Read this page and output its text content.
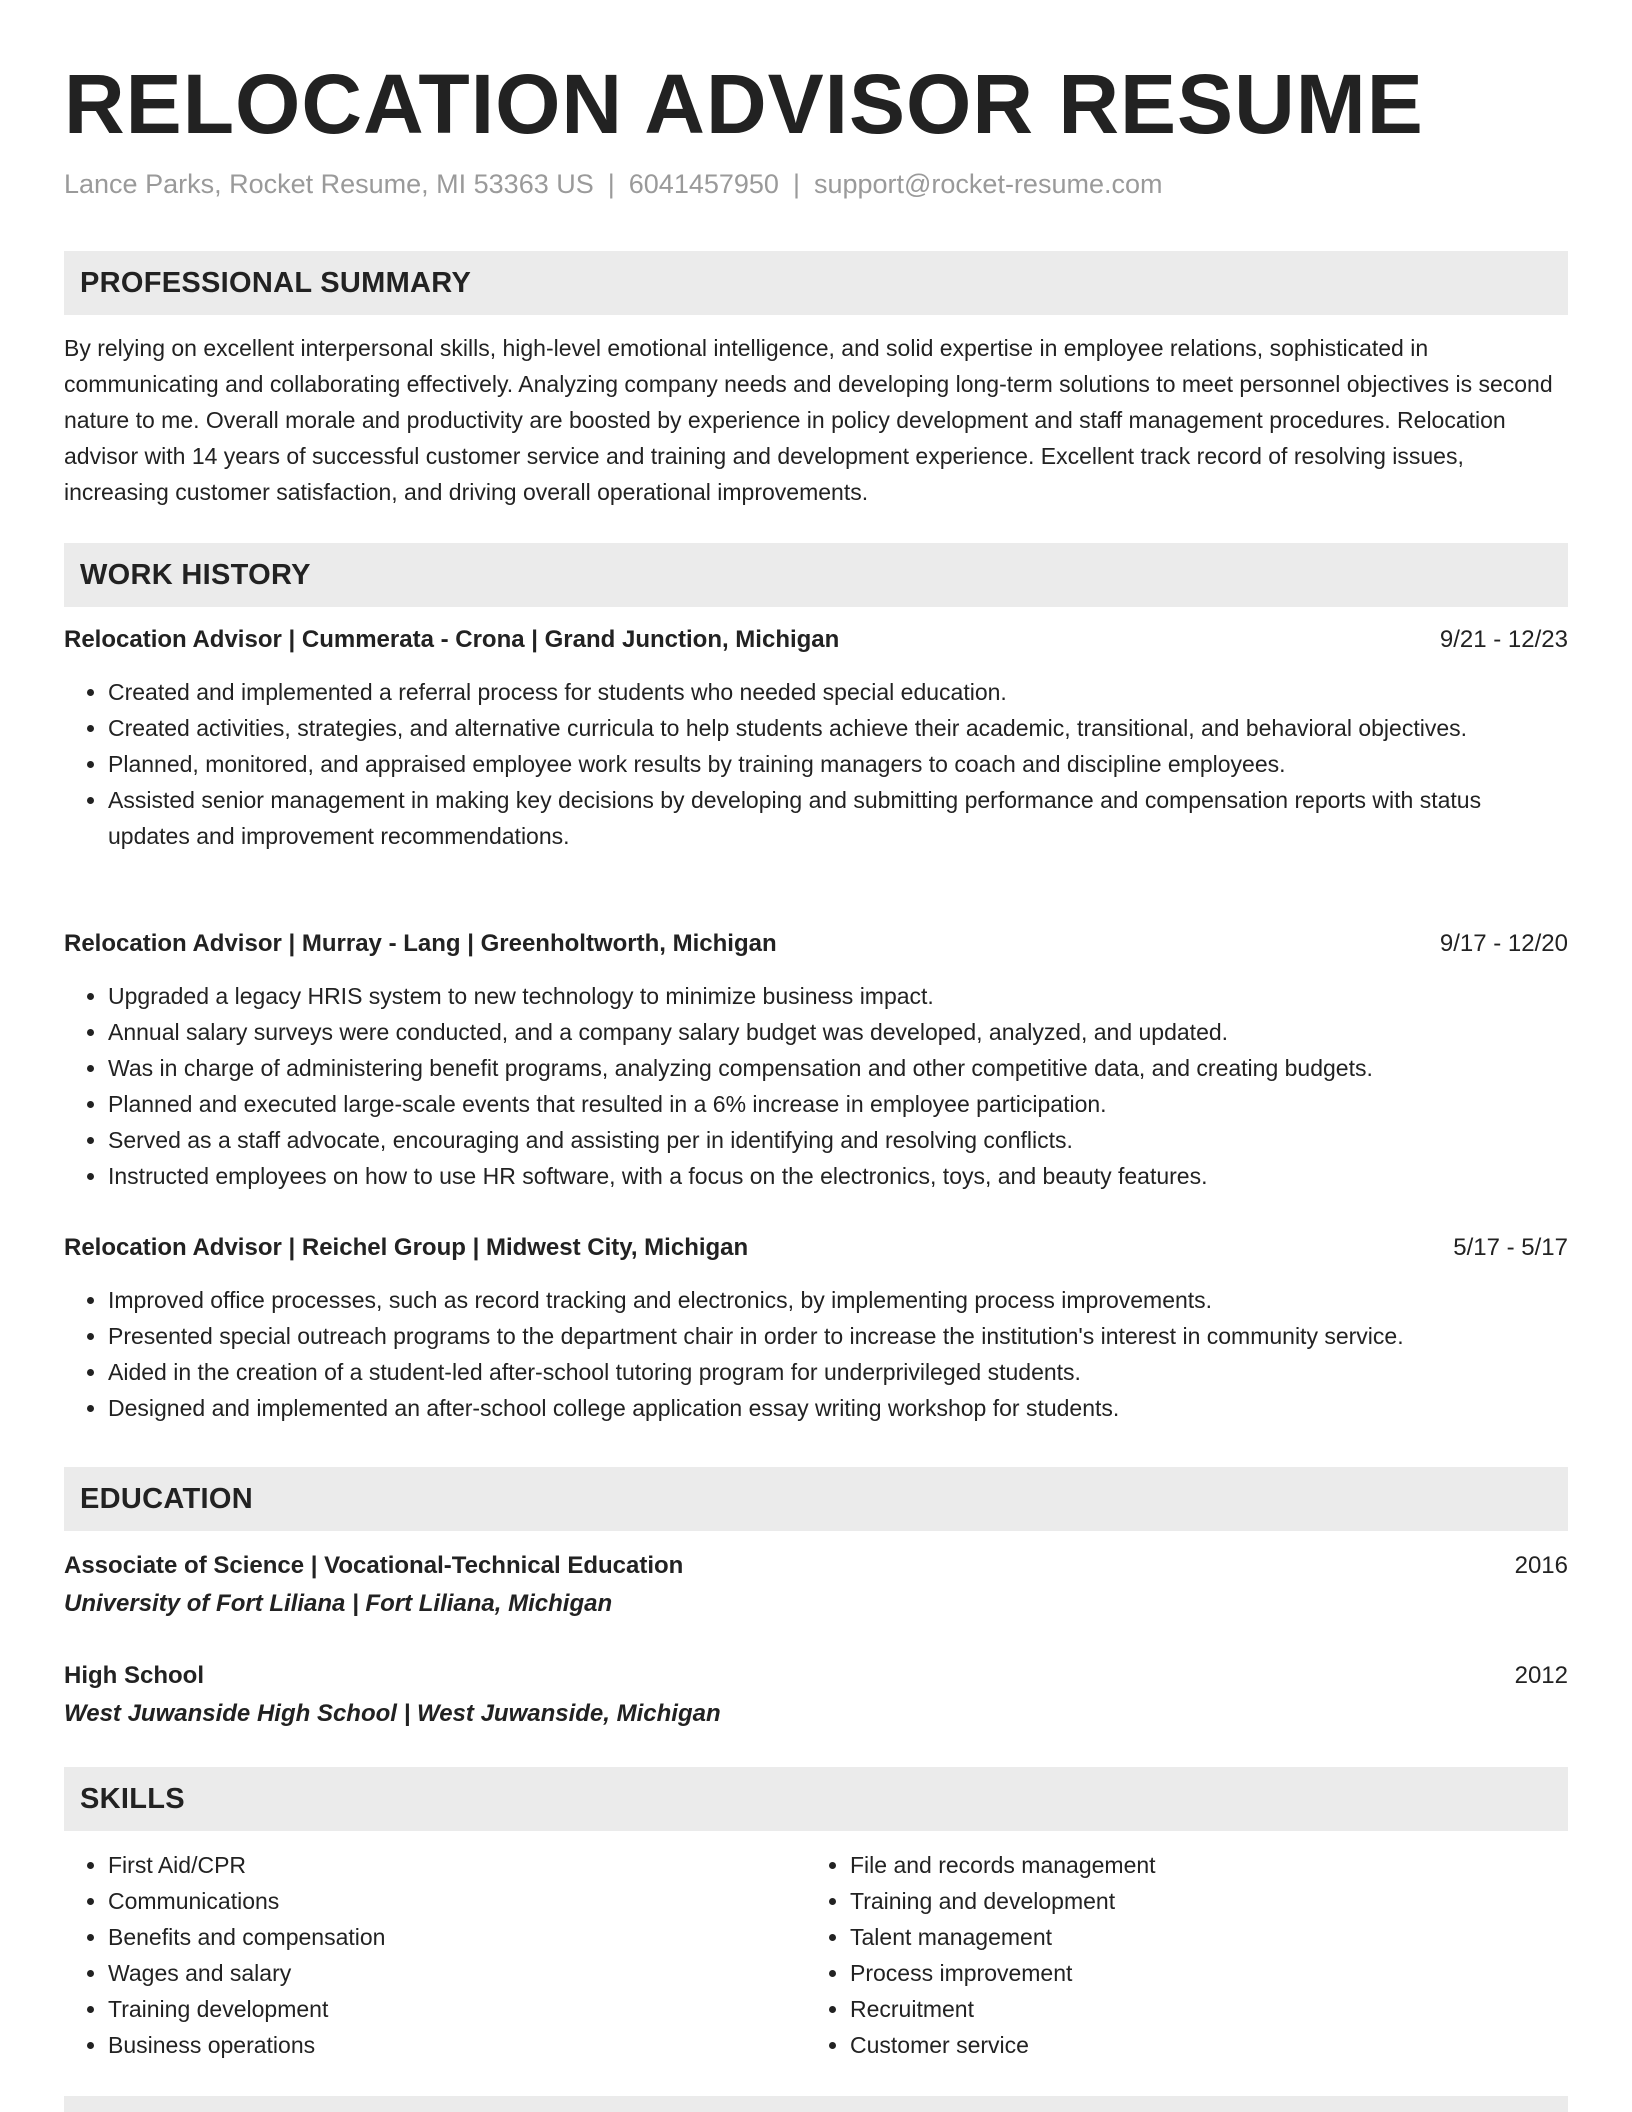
RELOCATION ADVISOR RESUME
Lance Parks, Rocket Resume, MI 53363 US | 6041457950 | support@rocket-resume.com
PROFESSIONAL SUMMARY

By relying on excellent interpersonal skills, high-level emotional intelligence, and solid expertise in employee relations, sophisticated in communicating and collaborating effectively. Analyzing company needs and developing long-term solutions to meet personnel objectives is second nature to me. Overall morale and productivity are boosted by experience in policy development and staff management procedures. Relocation advisor with 14 years of successful customer service and training and development experience. Excellent track record of resolving issues, increasing customer satisfaction, and driving overall operational improvements.

WORK HISTORY
Relocation Advisor | Cummerata - Crona | Grand Junction, Michigan	9/21 - 12/23
• Created and implemented a referral process for students who needed special education.
• Created activities, strategies, and alternative curricula to help students achieve their academic, transitional, and behavioral objectives.
• Planned, monitored, and appraised employee work results by training managers to coach and discipline employees.
• Assisted senior management in making key decisions by developing and submitting performance and compensation reports with status updates and improvement recommendations.
Relocation Advisor | Murray - Lang | Greenholtworth, Michigan	9/17 - 12/20
• Upgraded a legacy HRIS system to new technology to minimize business impact.
• Annual salary surveys were conducted, and a company salary budget was developed, analyzed, and updated.
• Was in charge of administering benefit programs, analyzing compensation and other competitive data, and creating budgets.
• Planned and executed large-scale events that resulted in a 6% increase in employee participation.
• Served as a staff advocate, encouraging and assisting per in identifying and resolving conflicts.
• Instructed employees on how to use HR software, with a focus on the electronics, toys, and beauty features.
Relocation Advisor | Reichel Group | Midwest City, Michigan	5/17 - 5/17
• Improved office processes, such as record tracking and electronics, by implementing process improvements.
• Presented special outreach programs to the department chair in order to increase the institution's interest in community service.
• Aided in the creation of a student-led after-school tutoring program for underprivileged students.
• Designed and implemented an after-school college application essay writing workshop for students.
EDUCATION
Associate of Science | Vocational-Technical Education	2016
University of Fort Liliana | Fort Liliana, Michigan
High School	2012
West Juwanside High School | West Juwanside, Michigan
SKILLS
• First Aid/CPR
• Communications
• Benefits and compensation
• Wages and salary
• Training development
• Business operations
• File and records management
• Training and development
• Talent management
• Process improvement
• Recruitment
• Customer service
